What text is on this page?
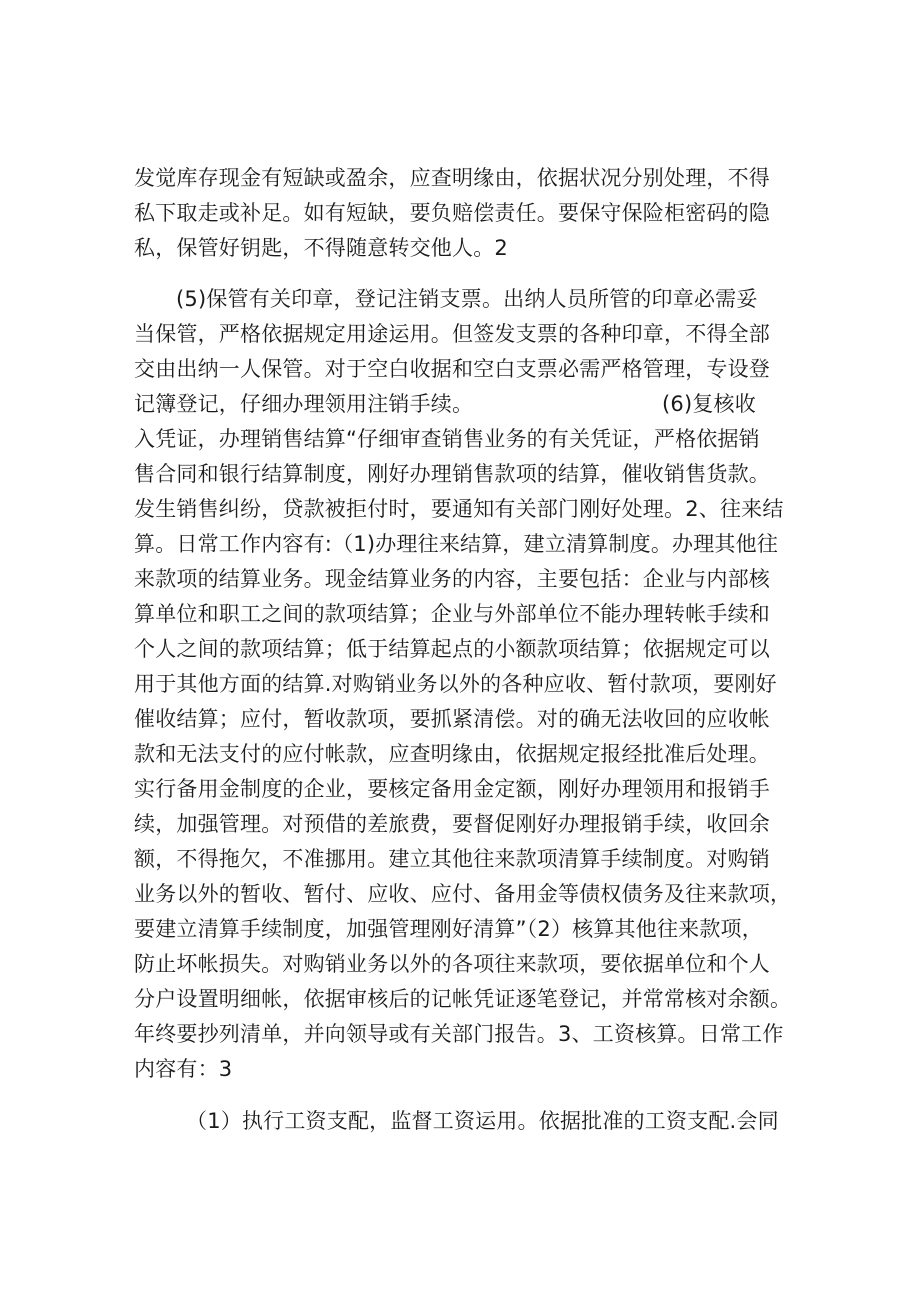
发觉库存现金有短缺或盈余，应查明缘由，依据状况分别处理，不得
私下取走或补足。如有短缺，要负赔偿责任。要保守保险柜密码的隐
私，保管好钥匙，不得随意转交他人。2
(5)保管有关印章，登记注销支票。出纳人员所管的印章必需妥
当保管，严格依据规定用途运用。但签发支票的各种印章，不得全部
交由出纳一人保管。对于空白收据和空白支票必需严格管理，专设登
记簿登记，仔细办理领用注销手续。	(6)复核收
入凭证，办理销售结算“仔细审查销售业务的有关凭证，严格依据销
售合同和银行结算制度，刚好办理销售款项的结算，催收销售货款。
发生销售纠纷，贷款被拒付时，要通知有关部门刚好处理。2、往来结
算。日常工作内容有:（1)办理往来结算，建立清算制度。办理其他往
来款项的结算业务。现金结算业务的内容，主要包括：企业与内部核
算单位和职工之间的款项结算；企业与外部单位不能办理转帐手续和
个人之间的款项结算；低于结算起点的小额款项结算；依据规定可以
用于其他方面的结算.对购销业务以外的各种应收、暂付款项，要刚好
催收结算；应付，暂收款项，要抓紧清偿。对的确无法收回的应收帐
款和无法支付的应付帐款，应查明缘由，依据规定报经批准后处理。
实行备用金制度的企业，要核定备用金定额，刚好办理领用和报销手
续，加强管理。对预借的差旅费，要督促刚好办理报销手续，收回余
额，不得拖欠，不准挪用。建立其他往来款项清算手续制度。对购销
业务以外的暂收、暂付、应收、应付、备用金等债权债务及往来款项，
要建立清算手续制度，加强管理刚好清算”（2）核算其他往来款项，
防止坏帐损失。对购销业务以外的各项往来款项，要依据单位和个人
分户设置明细帐，依据审核后的记帐凭证逐笔登记，并常常核对余额。
年终要抄列清单，并向领导或有关部门报告。3、工资核算。日常工作
内容有：3
（1）执行工资支配，监督工资运用。依据批准的工资支配.会同
